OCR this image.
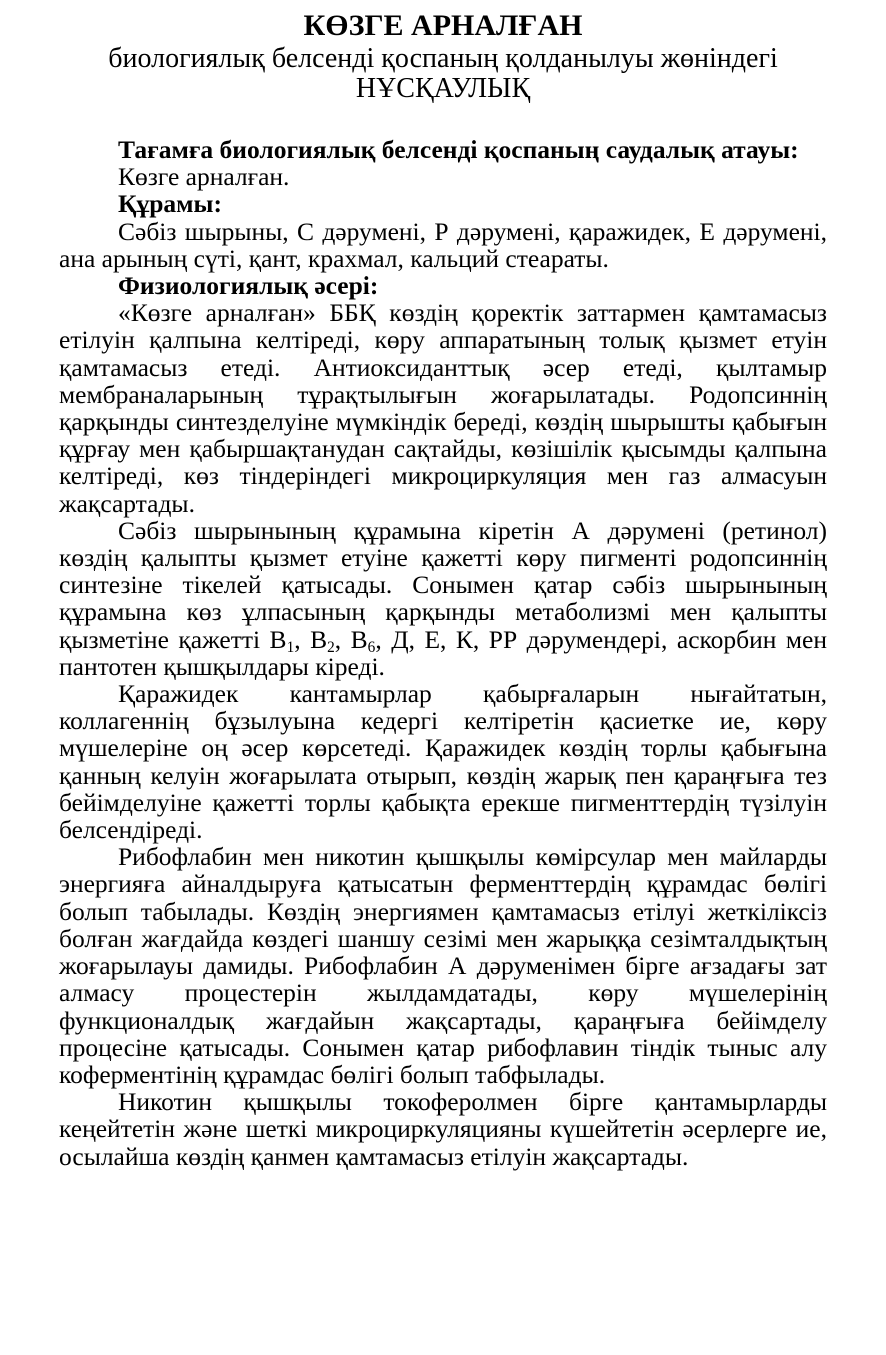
КӨЗГЕ АРНАЛҒАН
биологиялық белсенді қоспаның қолданылуы жөніндегі
НҰСҚАУЛЫҚ

Тағамға биологиялық белсенді қоспаның саудалық атауы:

Көзге арналған.

Құрамы:

Сәбіз шырыны, С дәрумені, Р дәрумені, қаражидек, Е дәрумені, ана арының сүті, қант, крахмал, кальций стеараты.

Физиологиялық әсері:

«Көзге арналған» ББҚ көздің қоректік заттармен қамтамасыз етілуін қалпына келтіреді, көру аппаратының толық қызмет етуін қамтамасыз етеді. Антиоксиданттық әсер етеді, қылтамыр мембраналарының тұрақтылығын жоғарылатады. Родопсиннің қарқынды синтезделуіне мүмкіндік береді, көздің шырышты қабығын құрғау мен қабыршақтанудан сақтайды, көзішілік қысымды қалпына келтіреді, көз тіндеріндегі микроциркуляция мен газ алмасуын жақсартады.

Сәбіз шырынының құрамына кіретін А дәрумені (ретинол) көздің қалыпты қызмет етуіне қажетті көру пигменті родопсиннің синтезіне тікелей қатысады. Сонымен қатар сәбіз шырынының құрамына көз ұлпасының қарқынды метаболизмі мен қалыпты қызметіне қажетті $В_1$, $В_2$, $В_6$, Д, Е, К, РР дәрумендері, аскорбин мен пантотен қышқылдары кіреді.

Қаражидек кантамырлар қабырғаларын нығайтатын, коллагеннің бұзылуына кедергі келтіретін қасиетке ие, көру мүшелеріне оң әсер көрсетеді. Қаражидек көздің торлы қабығына қанның келуін жоғарылата отырып, көздің жарық пен қараңғыға тез бейімделуіне қажетті торлы қабықта ерекше пигменттердің түзілуін белсендіреді.

Рибофлабин мен никотин қышқылы көмірсулар мен майларды энергияға айналдыруға қатысатын ферменттердің құрамдас бөлігі болып табылады. Көздің энергиямен қамтамасыз етілуі жеткіліксіз болған жағдайда көздегі шаншу сезімі мен жарыққа сезімталдықтың жоғарылауы дамиды. Рибофлабин А дәруменімен бірге ағзадағы зат алмасу процестерін жылдамдатады, көру мүшелерінің функционалдық жағдайын жақсартады, қараңғыға бейімделу процесіне қатысады. Сонымен қатар рибофлавин тіндік тыныс алу коферментінің құрамдас бөлігі болып табфылады.

Никотин қышқылы токоферолмен бірге қантамырларды кеңейтетін және шеткі микроциркуляцияны күшейтетін әсерлерге ие, осылайша көздің қанмен қамтамасыз етілуін жақсартады.
